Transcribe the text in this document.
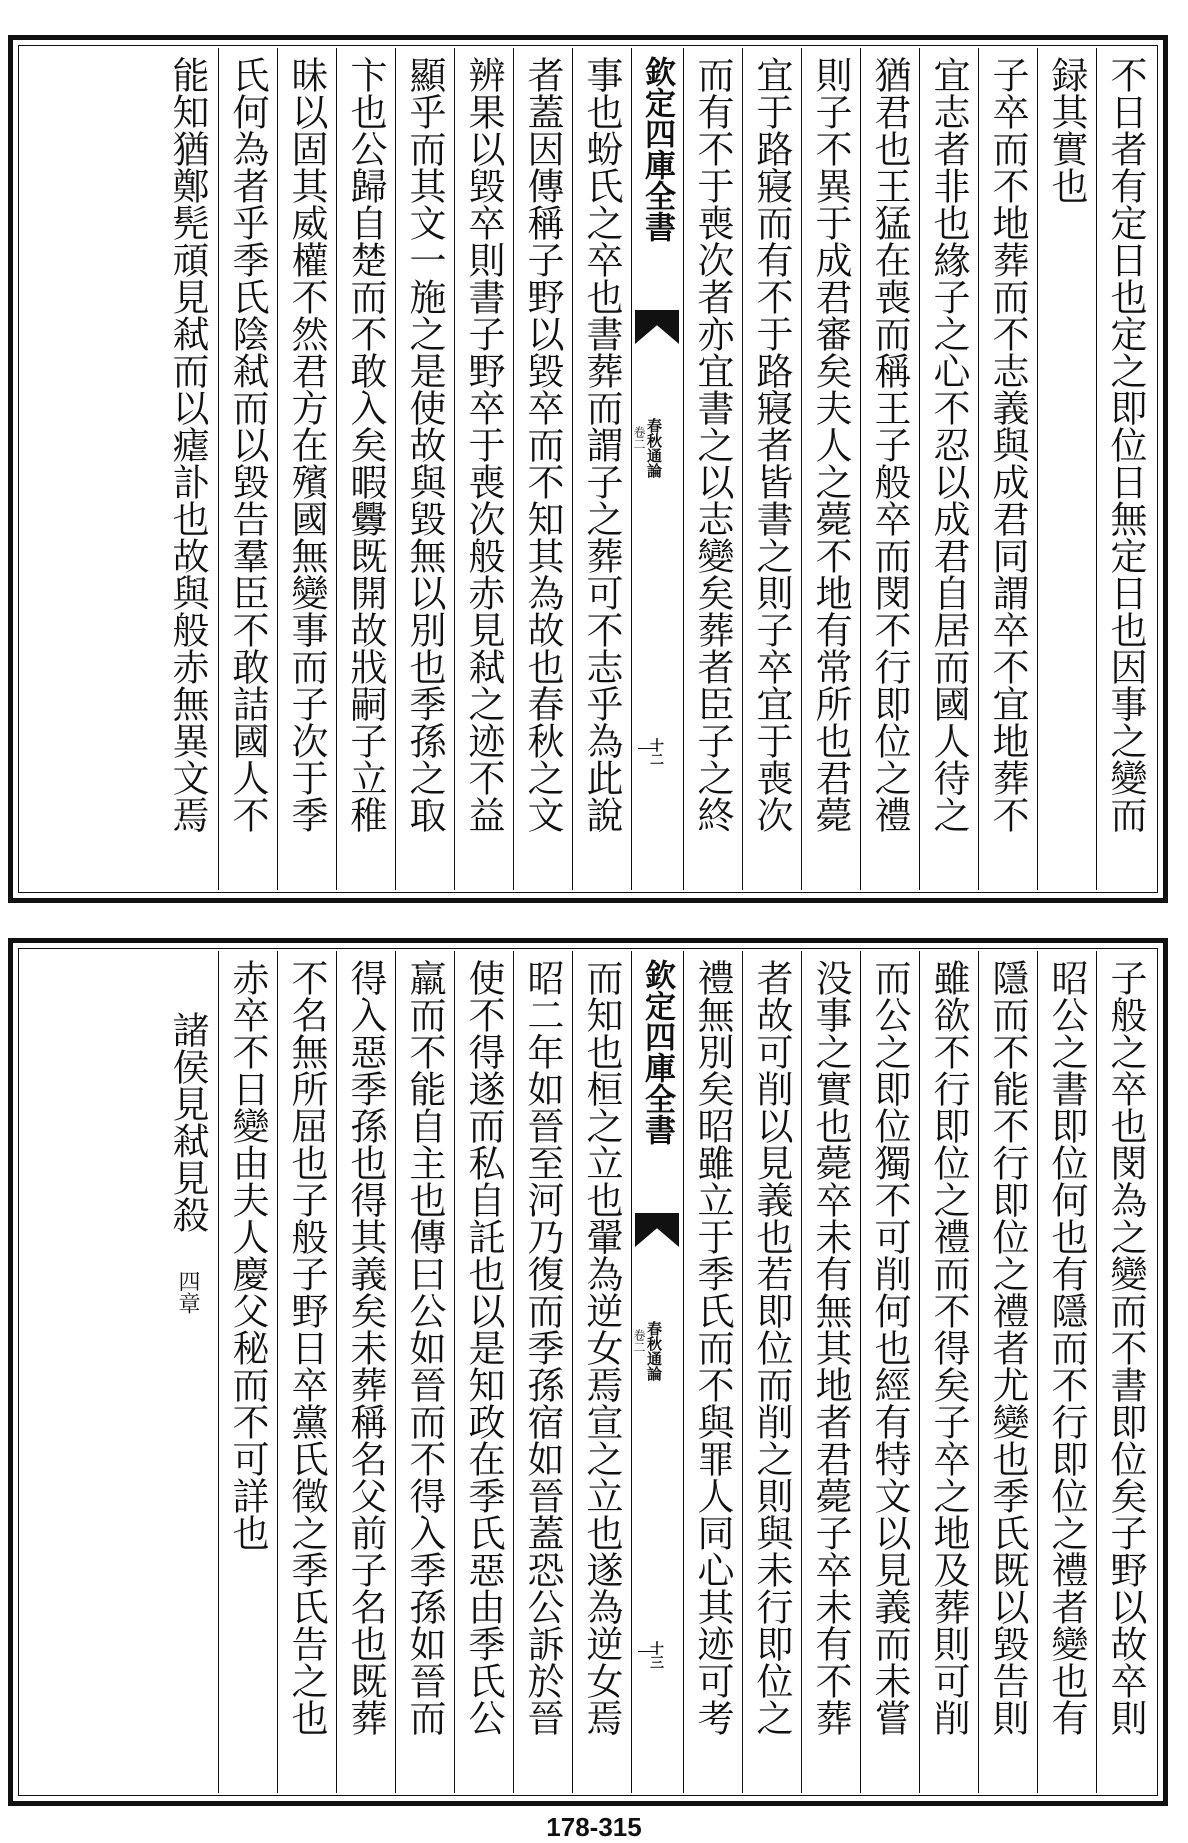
不日者有定日也定之即位日無定日也因事之變而
録其實也
子卒而不地葬而不志義與成君同謂卒不宜地葬不
宜志者非也緣子之心不忍以成君自居而國人待之
猶君也王猛在喪而稱王子般卒而閔不行即位之禮
則子不異于成君審矣夫人之薨不地有常所也君薨
宜于路寢而有不于路寢者皆書之則子卒宜于喪次
而有不于喪次者亦宜書之以志變矣葬者臣子之終
欽定四庫全書
春秋通論
卷二
十二
事也蚡氏之卒也書葬而謂子之葬可不志乎為此說
者蓋因傳稱子野以毀卒而不知其為故也春秋之文
辨果以毀卒則書子野卒于喪次般赤見弒之迹不益
顯乎而其文一施之是使故與毀無以別也季孫之取
卞也公歸自楚而不敢入矣暇釁既開故戕嗣子立稚
昧以固其威權不然君方在殯國無變事而子次于季
氏何為者乎季氏陰弒而以毀告羣臣不敢詰國人不
能知猶鄭髡頑見弒而以瘧訃也故與般赤無異文焉
子般之卒也閔為之變而不書即位矣子野以故卒則
昭公之書即位何也有隱而不行即位之禮者變也有
隱而不能不行即位之禮者尤變也季氏既以毀告則
雖欲不行即位之禮而不得矣子卒之地及葬則可削
而公之即位獨不可削何也經有特文以見義而未嘗
没事之實也薨卒未有無其地者君薨子卒未有不葬
者故可削以見義也若即位而削之則與未行即位之
禮無別矣昭雖立于季氏而不與罪人同心其迹可考
欽定四庫全書
春秋通論
卷二
十三
而知也桓之立也翬為逆女焉宣之立也遂為逆女焉
昭二年如晉至河乃復而季孫宿如晉蓋恐公訴於晉
使不得遂而私自託也以是知政在季氏惡由季氏公
羸而不能自主也傳曰公如晉而不得入季孫如晉而
得入惡季孫也得其義矣未葬稱名父前子名也既葬
不名無所屈也子般子野日卒黨氏徵之季氏告之也
赤卒不日變由夫人慶父秘而不可詳也
諸侯見弒見殺　四章
178-315
